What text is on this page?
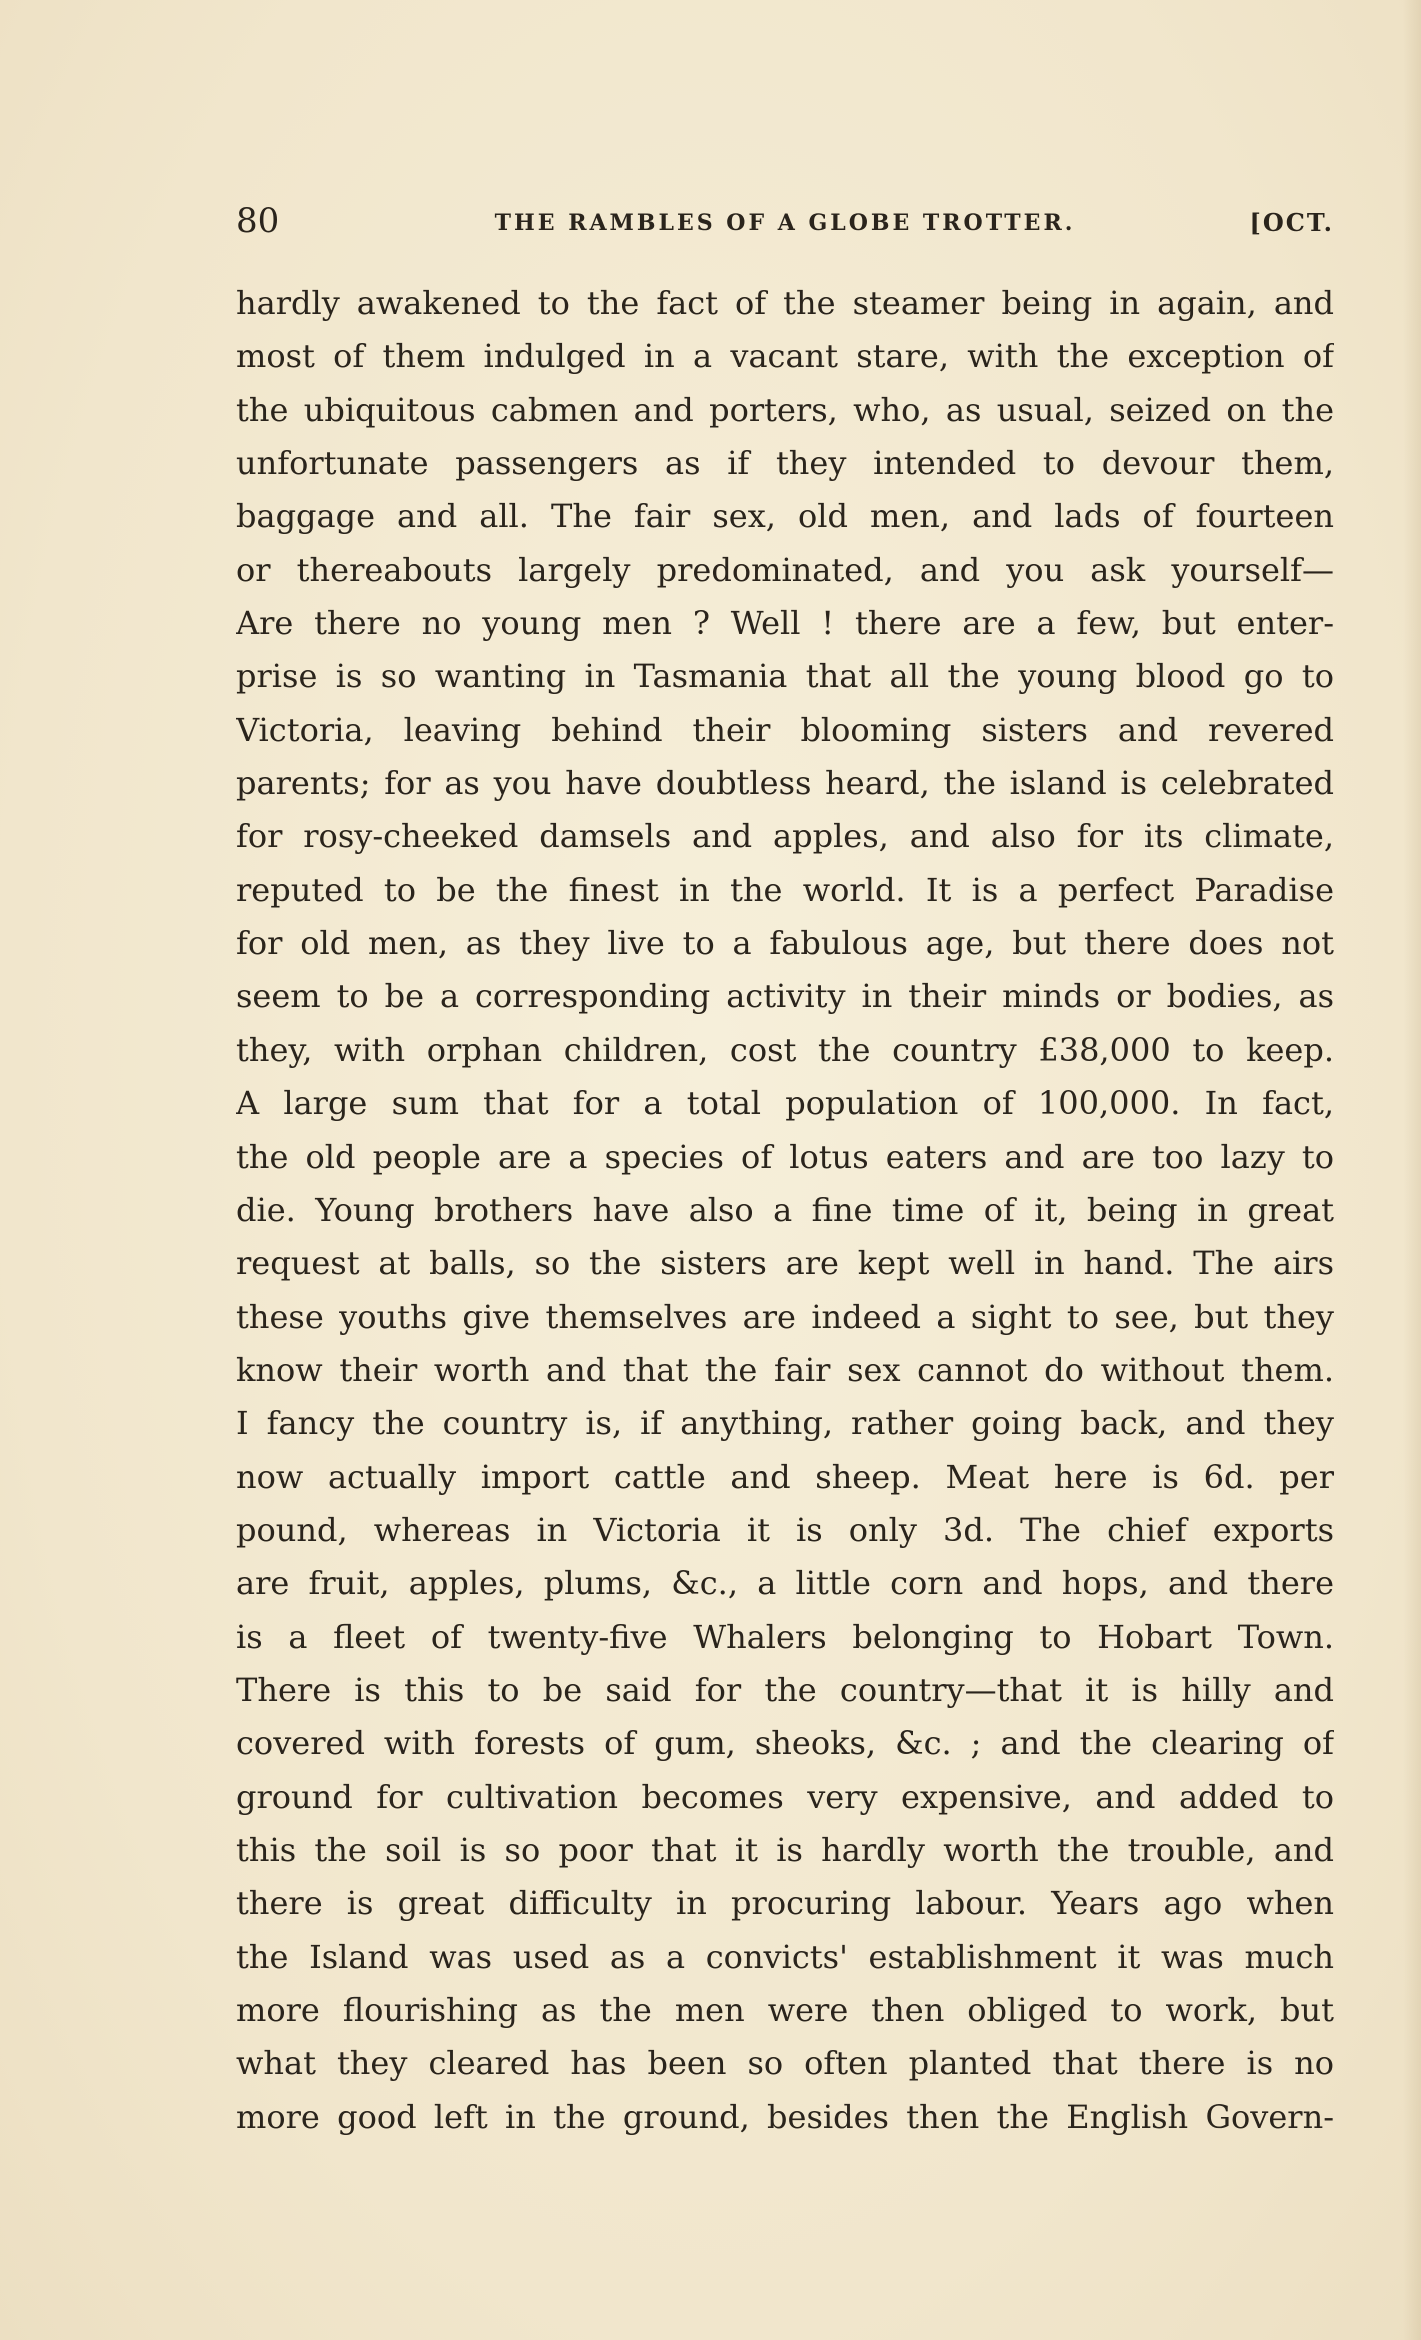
80	THE RAMBLES OF A GLOBE TROTTER.	[OCT.
hardly awakened to the fact of the steamer being in again, and
most of them indulged in a vacant stare, with the exception of
the ubiquitous cabmen and porters, who, as usual, seized on the
unfortunate passengers as if they intended to devour them,
baggage and all. The fair sex, old men, and lads of fourteen
or thereabouts largely predominated, and you ask yourself—
Are there no young men ? Well ! there are a few, but enter-
prise is so wanting in Tasmania that all the young blood go to
Victoria, leaving behind their blooming sisters and revered
parents; for as you have doubtless heard, the island is celebrated
for rosy-cheeked damsels and apples, and also for its climate,
reputed to be the finest in the world. It is a perfect Paradise
for old men, as they live to a fabulous age, but there does not
seem to be a corresponding activity in their minds or bodies, as
they, with orphan children, cost the country £38,000 to keep.
A large sum that for a total population of 100,000. In fact,
the old people are a species of lotus eaters and are too lazy to
die. Young brothers have also a fine time of it, being in great
request at balls, so the sisters are kept well in hand. The airs
these youths give themselves are indeed a sight to see, but they
know their worth and that the fair sex cannot do without them.
I fancy the country is, if anything, rather going back, and they
now actually import cattle and sheep. Meat here is 6d. per
pound, whereas in Victoria it is only 3d. The chief exports
are fruit, apples, plums, &c., a little corn and hops, and there
is a fleet of twenty-five Whalers belonging to Hobart Town.
There is this to be said for the country—that it is hilly and
covered with forests of gum, sheoks, &c. ; and the clearing of
ground for cultivation becomes very expensive, and added to
this the soil is so poor that it is hardly worth the trouble, and
there is great difficulty in procuring labour. Years ago when
the Island was used as a convicts' establishment it was much
more flourishing as the men were then obliged to work, but
what they cleared has been so often planted that there is no
more good left in the ground, besides then the English Govern-
